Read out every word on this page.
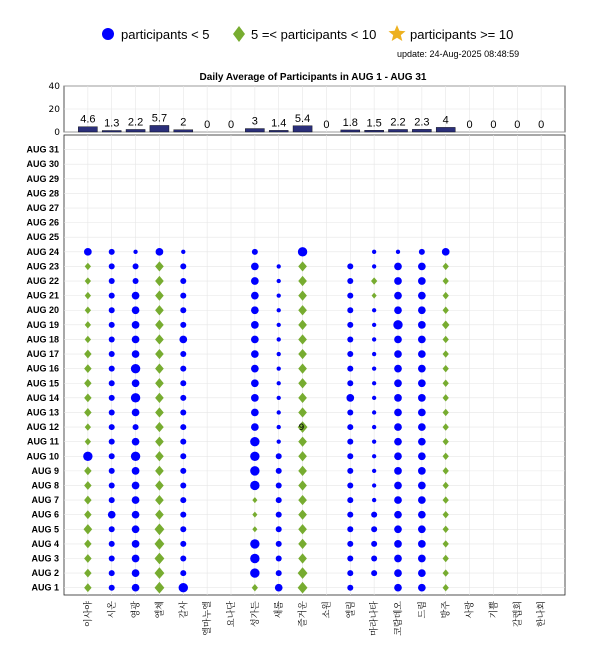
participants < 5	5 =< participants < 10	participants >= 10
update: 24-Aug-2025 08:48:59
Daily Average of Participants in AUG 1 - AUG 31
0
20
40
4.6 1.3 2.2 5.7 2 0 0 3 1.4 5.4
0 1.8 1.5 2.2 2.3 4 0 0 0 0
AUG 1
AUG 2
AUG 3
AUG 4
AUG 5
AUG 6
AUG 7
AUG 8
AUG 9
AUG 10
AUG 11
AUG 12
AUG 13
AUG 14
AUG 15
AUG 16
AUG 17
AUG 18
AUG 19
AUG 20
AUG 21
AUG 22
AUG 23
AUG 24
AUG 25
AUG 26
AUG 27
AUG 28
AUG 29
AUG 30
AUG 31
이사야 시온 영광 엘체 갈사 엘마누엘 요나단 성가든 새롬 즐거운 소원 엘림 마라나타 코람데오 드림 방주 사랑 기쁨 갈렙회 한나회
9
